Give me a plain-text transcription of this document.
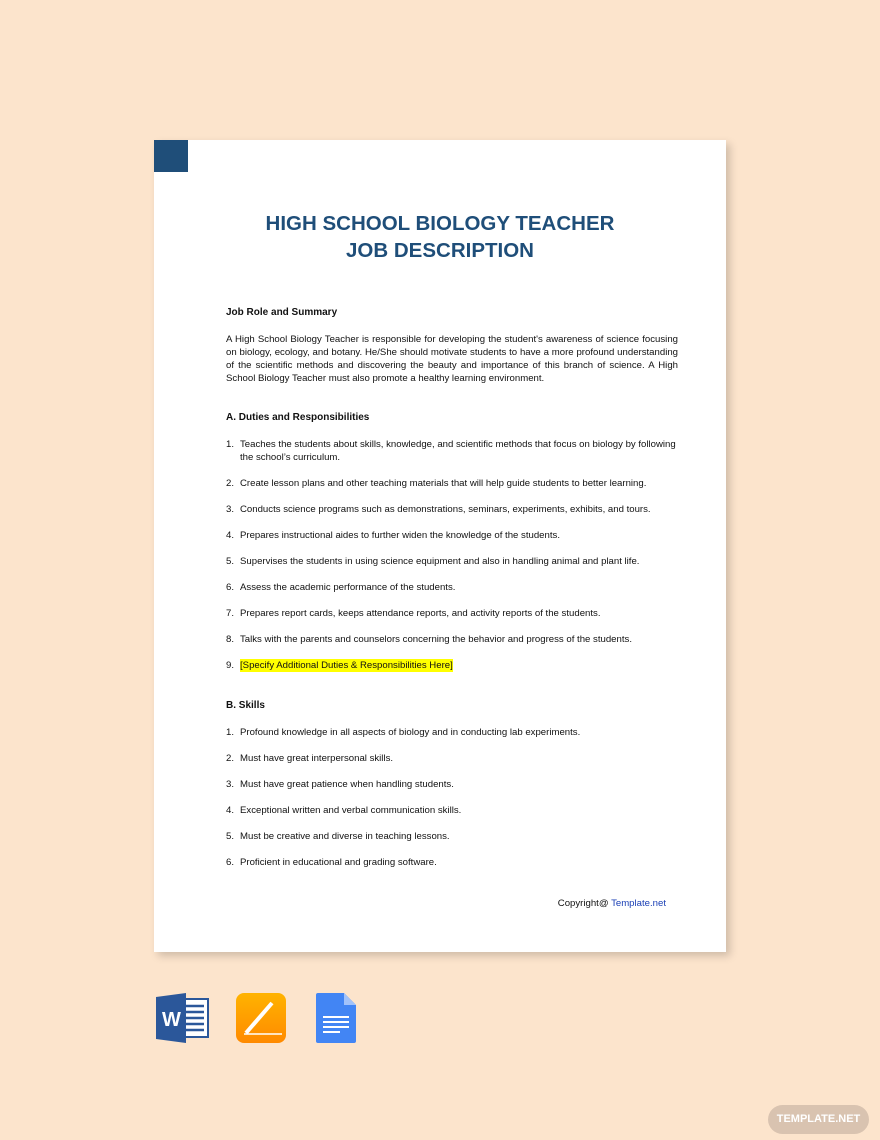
HIGH SCHOOL BIOLOGY TEACHER
JOB DESCRIPTION
Job Role and Summary

A High School Biology Teacher is responsible for developing the student's awareness of science focusing on biology, ecology, and botany. He/She should motivate students to have a more profound understanding of the scientific methods and discovering the beauty and importance of this branch of science. A High School Biology Teacher must also promote a healthy learning environment.

A. Duties and Responsibilities
1. Teaches the students about skills, knowledge, and scientific methods that focus on biology by following the school’s curriculum.
2. Create lesson plans and other teaching materials that will help guide students to better learning.
3. Conducts science programs such as demonstrations, seminars, experiments, exhibits, and tours.
4. Prepares instructional aides to further widen the knowledge of the students.
5. Supervises the students in using science equipment and also in handling animal and plant life.
6. Assess the academic performance of the students.
7. Prepares report cards, keeps attendance reports, and activity reports of the students.
8. Talks with the parents and counselors concerning the behavior and progress of the students.
9. [Specify Additional Duties & Responsibilities Here]
B. Skills
1. Profound knowledge in all aspects of biology and in conducting lab experiments.
2. Must have great interpersonal skills.
3. Must have great patience when handling students.
4. Exceptional written and verbal communication skills.
5. Must be creative and diverse in teaching lessons.
6. Proficient in educational and grading software.
Copyright@ Template.net
W
TEMPLATE.NET
